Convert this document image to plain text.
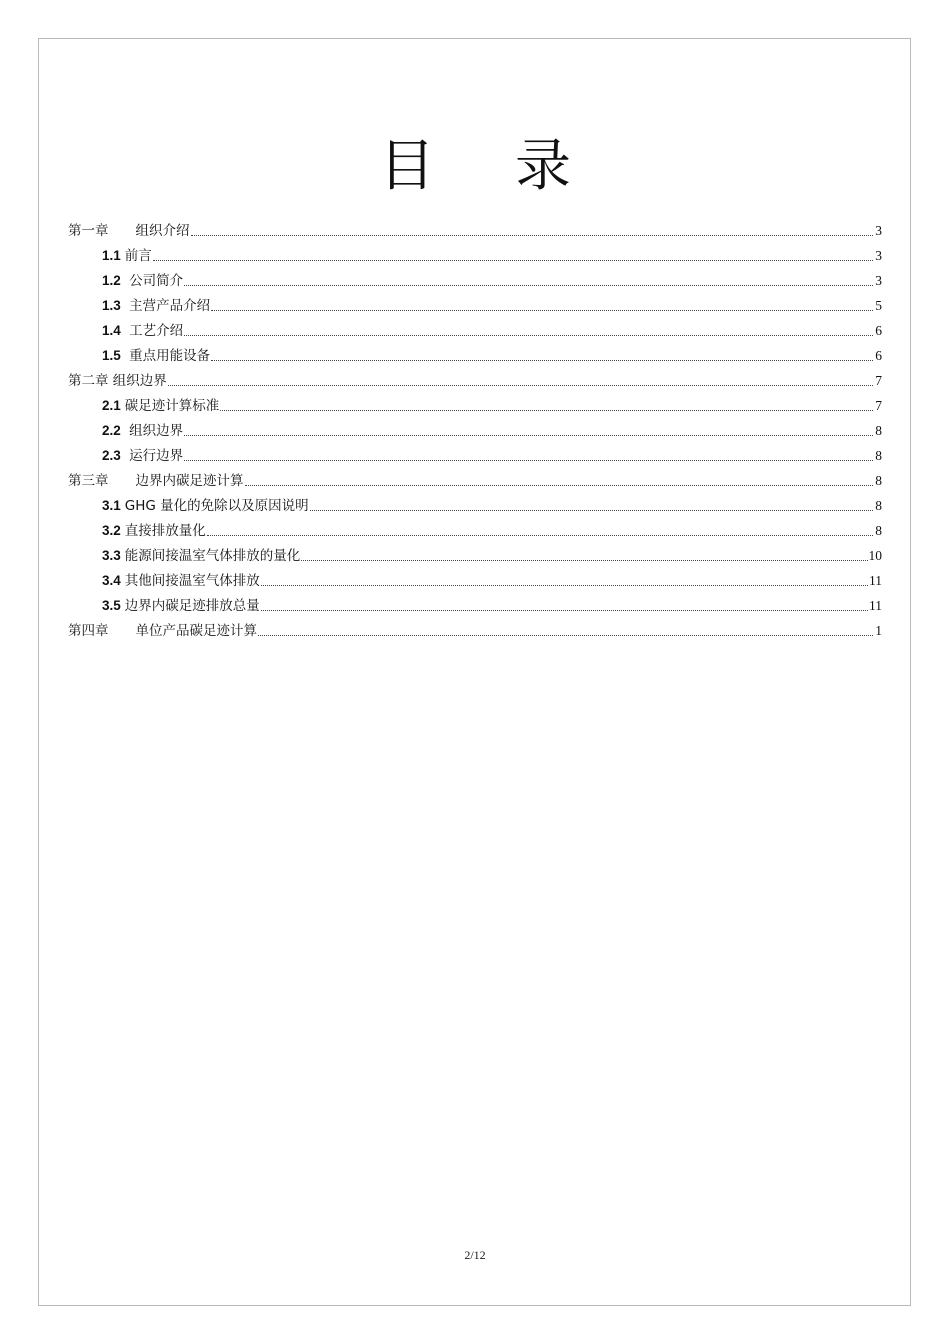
目 录
第一章　　组织介绍	3
1.1 前言	3
1.2 公司简介	3
1.3 主营产品介绍	5
1.4 工艺介绍	6
1.5 重点用能设备	6
第二章 组织边界	7
2.1 碳足迹计算标准	7
2.2 组织边界	8
2.3 运行边界	8
第三章　　边界内碳足迹计算	8
3.1 GHG 量化的免除以及原因说明	8
3.2 直接排放量化	8
3.3 能源间接温室气体排放的量化	10
3.4 其他间接温室气体排放	11
3.5 边界内碳足迹排放总量	11
第四章　　单位产品碳足迹计算	1
2/12
